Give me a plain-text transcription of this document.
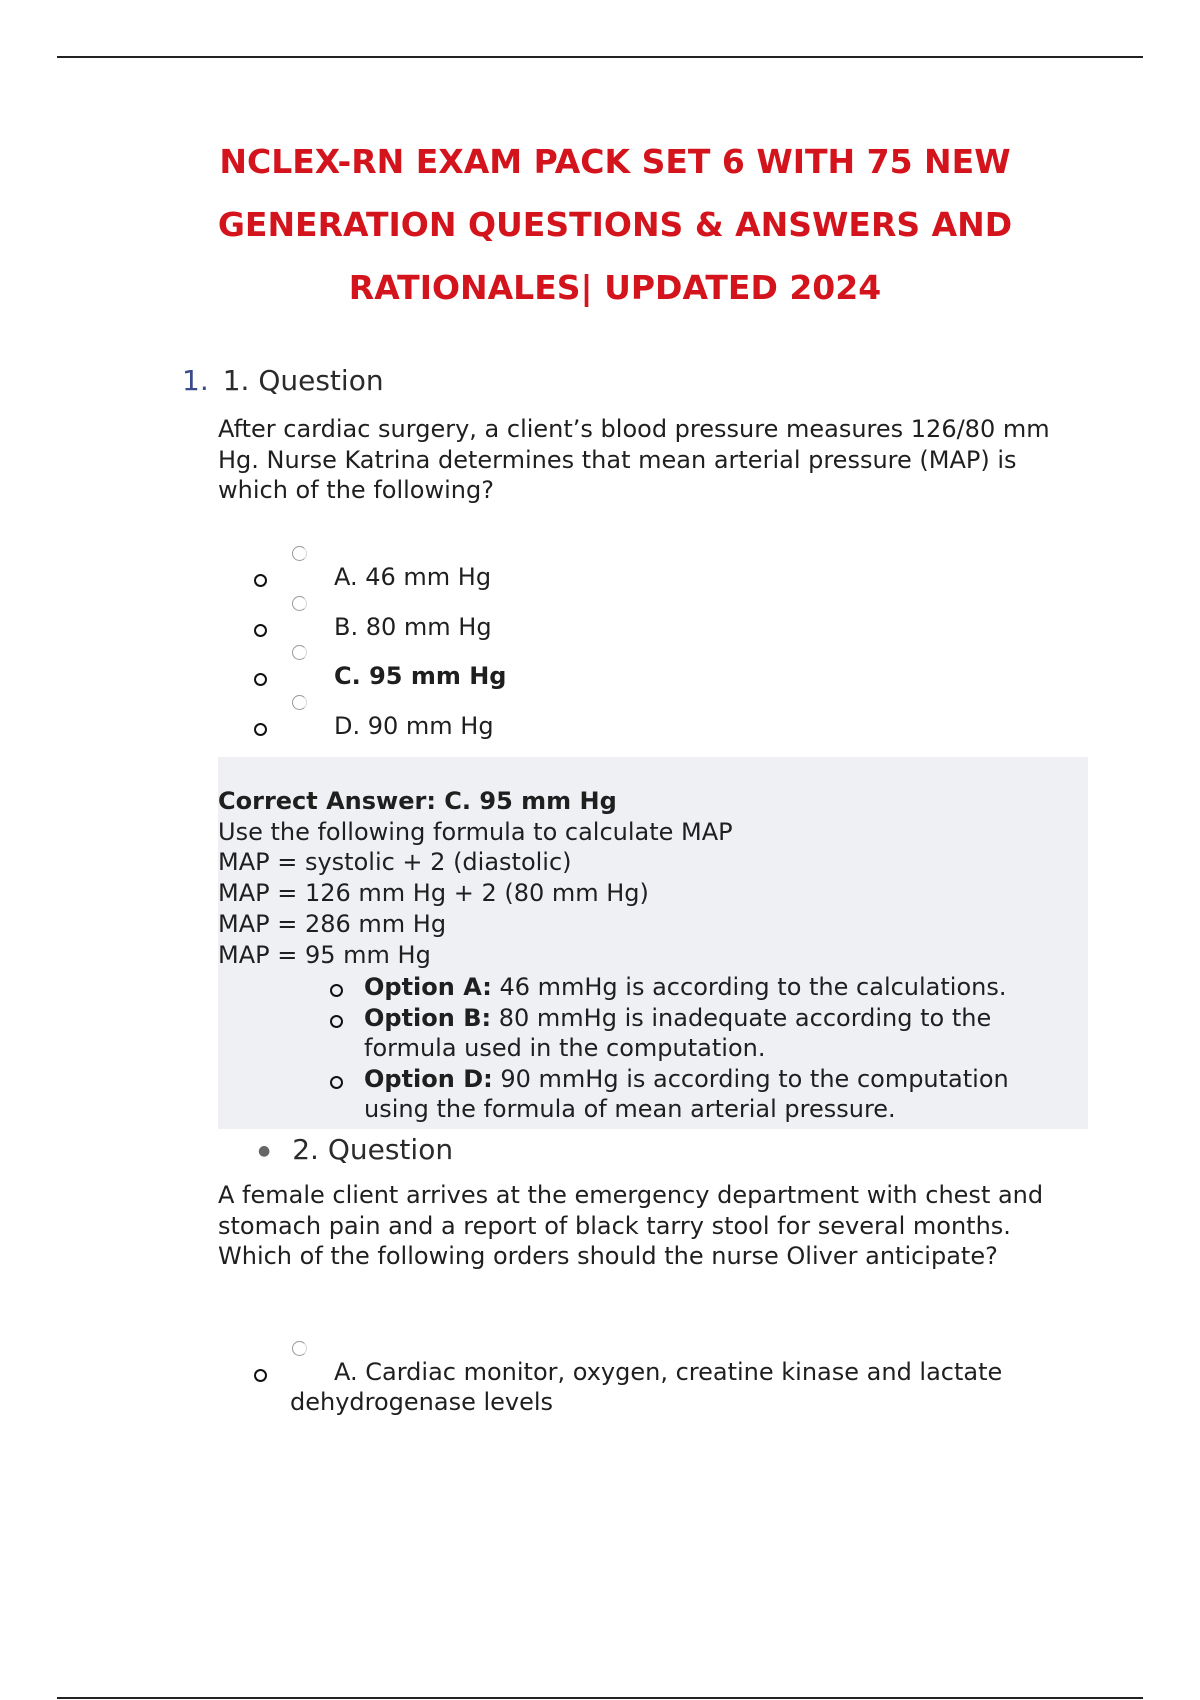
NCLEX-RN EXAM PACK SET 6 WITH 75 NEW
GENERATION QUESTIONS & ANSWERS AND
RATIONALES| UPDATED 2024
1. 1. Question

After cardiac surgery, a client’s blood pressure measures 126/80 mm Hg. Nurse Katrina determines that mean arterial pressure (MAP) is which of the following?

A. 46 mm Hg
B. 80 mm Hg
C. 95 mm Hg
D. 90 mm Hg

Correct Answer: C. 95 mm Hg
Use the following formula to calculate MAP
MAP = systolic + 2 (diastolic)
MAP = 126 mm Hg + 2 (80 mm Hg)
MAP = 286 mm Hg
MAP = 95 mm Hg

Option A: 46 mmHg is according to the calculations.
Option B: 80 mmHg is inadequate according to the formula used in the computation.
Option D: 90 mmHg is according to the computation using the formula of mean arterial pressure.
● 2. Question

A female client arrives at the emergency department with chest and stomach pain and a report of black tarry stool for several months. Which of the following orders should the nurse Oliver anticipate?

A. Cardiac monitor, oxygen, creatine kinase and lactate
dehydrogenase levels
